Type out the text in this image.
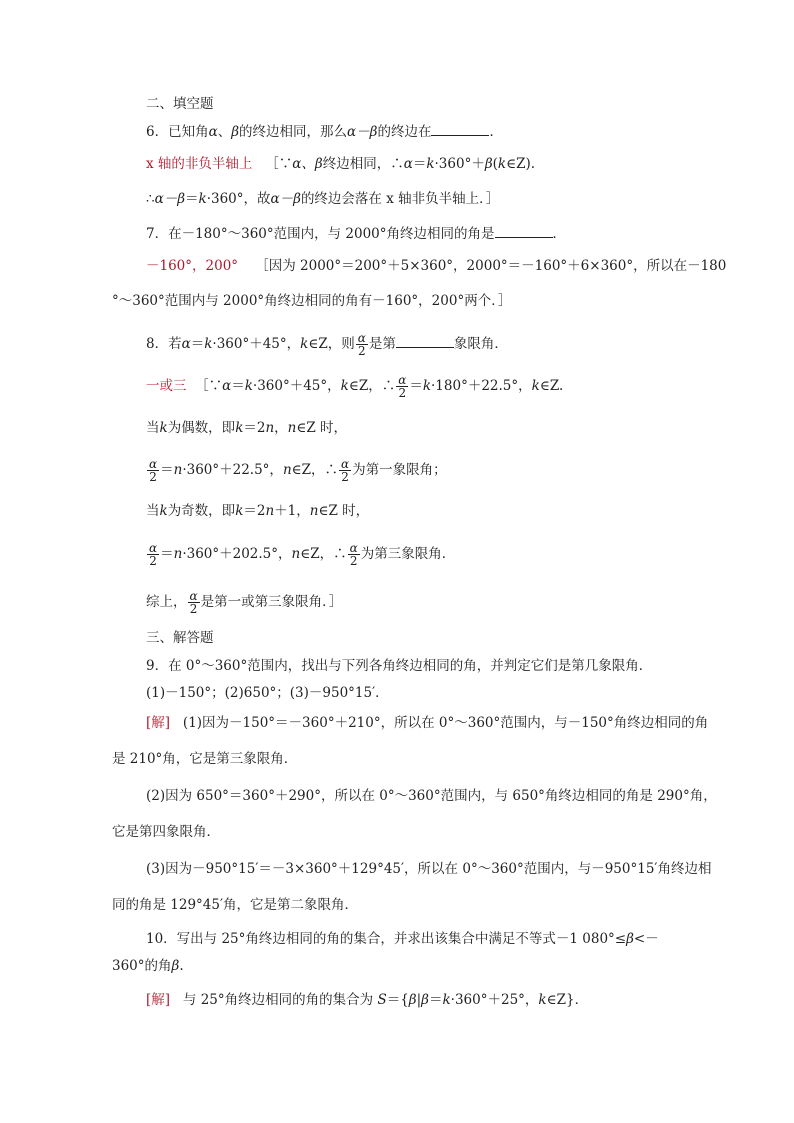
二、填空题
6．已知角α、β的终边相同，那么α－β的终边在	．
x 轴的非负半轴上 ［∵α、β终边相同，∴α＝k·360°＋β(k∈Z).
∴α－β＝k·360°，故α－β的终边会落在 x 轴非负半轴上．］
7．在－180°～360°范围内，与 2000°角终边相同的角是	．
－160°，200° ［因为 2000°＝200°＋5×360°，2000°＝－160°＋6×360°，所以在－180
°～360°范围内与 2000°角终边相同的角有－160°，200°两个．］
8．若α＝k·360°＋45°，k∈Z，则 $\frac{\alpha}{2}$ 是第	象限角．
一或三 ［∵α＝k·360°＋45°，k∈Z，∴ $\frac{\alpha}{2} =k\cdot 180^\circ+22.5^\circ$，k∈Z.
当k为偶数，即k＝2n，n∈Z 时，
$\frac{\alpha}{2} =n\cdot 360^\circ+22.5^\circ$，n∈Z，∴ $\frac{\alpha}{2}$ 为第一象限角；
当k为奇数，即k＝2n＋1，n∈Z 时，
$\frac{\alpha}{2} =n\cdot 360^\circ+202.5^\circ$，n∈Z，∴ $\frac{\alpha}{2}$ 为第三象限角．
综上， $\frac{\alpha}{2}$ 是第一或第三象限角．］
三、解答题
9．在 0°～360°范围内，找出与下列各角终边相同的角，并判定它们是第几象限角．
(1)－150°；(2)650°；(3)－950°15′．
[解] (1)因为－150°＝－360°＋210°，所以在 0°～360°范围内，与－150°角终边相同的角
是 210°角，它是第三象限角．
(2)因为 650°＝360°＋290°，所以在 0°～360°范围内，与 650°角终边相同的角是 290°角，
它是第四象限角．
(3)因为－950°15′＝－3×360°＋129°45′，所以在 0°～360°范围内，与－950°15′角终边相
同的角是 129°45′角，它是第二象限角．
10．写出与 25°角终边相同的角的集合，并求出该集合中满足不等式－1 080°≤β<－
360°的角β.
[解] 与 25°角终边相同的角的集合为 S＝{β|β＝k·360°＋25°，k∈Z}．
